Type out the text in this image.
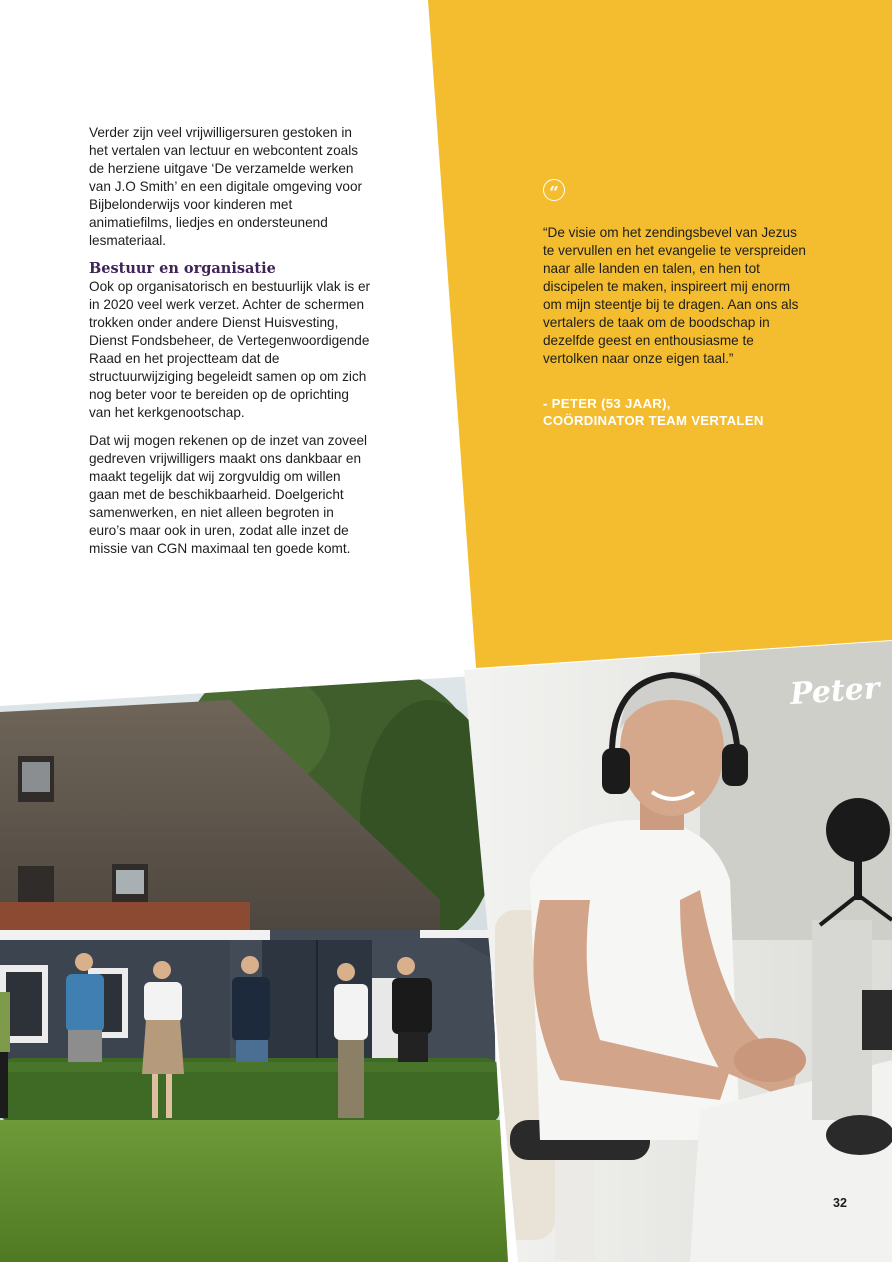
Verder zijn veel vrijwilligersuren gestoken in het vertalen van lectuur en webcontent zoals de herziene uitgave ‘De verzamelde werken van J.O Smith’ en een digitale omgeving voor Bijbelonderwijs voor kinderen met animatiefilms, liedjes en ondersteunend lesmateriaal.

Bestuur en organisatie

Ook op organisatorisch en bestuurlijk vlak is er in 2020 veel werk verzet. Achter de schermen trokken onder andere Dienst Huisvesting, Dienst Fondsbeheer, de Vertegenwoordigende Raad en het projectteam dat de structuurwijziging begeleidt samen op om zich nog beter voor te bereiden op de oprichting van het kerkgenootschap.

Dat wij mogen rekenen op de inzet van zoveel gedreven vrijwilligers maakt ons dankbaar en maakt tegelijk dat wij zorgvuldig om willen gaan met de beschikbaarheid. Doelgericht samenwerken, en niet alleen begroten in euro’s maar ook in uren, zodat alle inzet de missie van CGN maximaal ten goede komt.

“
“De visie om het zendingsbevel van Jezus te vervullen en het evangelie te verspreiden naar alle landen en talen, en hen tot discipelen te maken, inspireert mij enorm om mijn steentje bij te dragen. Aan ons als vertalers de taak om de boodschap in dezelfde geest en enthousiasme te vertolken naar onze eigen taal.”
- PETER (53 JAAR),
COÖRDINATOR TEAM VERTALEN
Peter
32
